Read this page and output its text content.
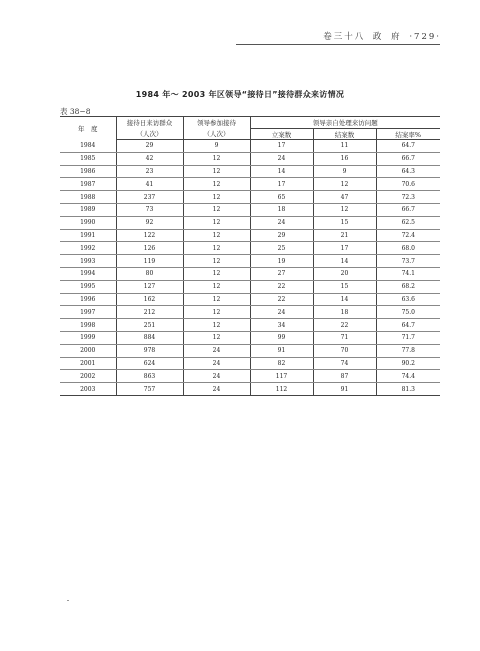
卷三十八 政 府 ·729·
1984 年～ 2003 年区领导“接待日”接待群众来访情况
表 38−8
年　度	接待日来访群众	领导参加接待	领导亲自处理来访问题		
	（人次）	（人次）	立案数	结案数	结案率%
1984	29	9	17	11	64.7
1985	42	12	24	16	66.7
1986	23	12	14	9	64.3
1987	41	12	17	12	70.6
1988	237	12	65	47	72.3
1989	73	12	18	12	66.7
1990	92	12	24	15	62.5
1991	122	12	29	21	72.4
1992	126	12	25	17	68.0
1993	119	12	19	14	73.7
1994	80	12	27	20	74.1
1995	127	12	22	15	68.2
1996	162	12	22	14	63.6
1997	212	12	24	18	75.0
1998	251	12	34	22	64.7
1999	884	12	99	71	71.7
2000	978	24	91	70	77.8
2001	624	24	82	74	90.2
2002	863	24	117	87	74.4
2003	757	24	112	91	81.3
